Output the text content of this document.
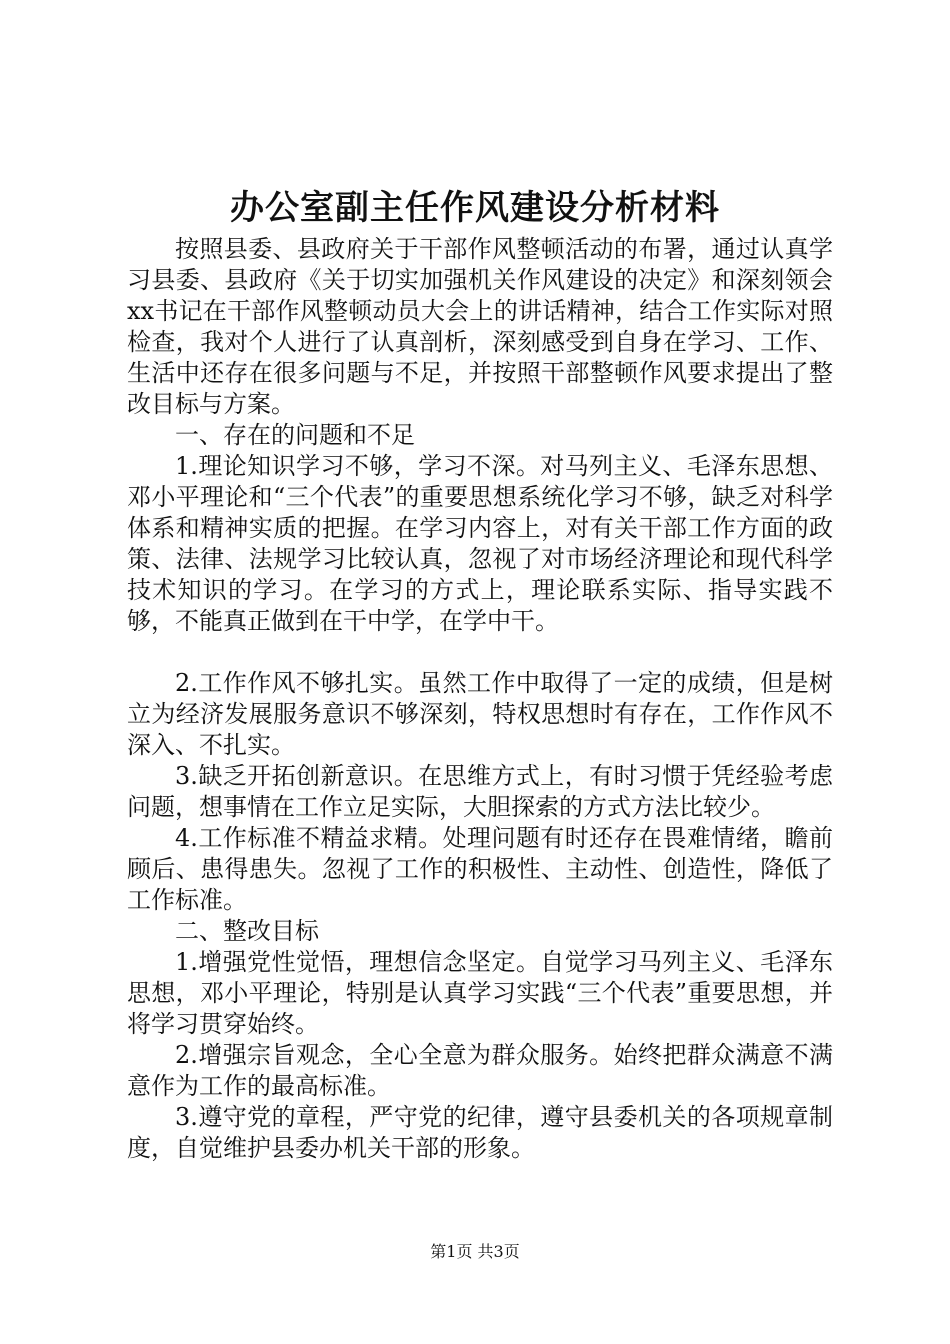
办公室副主任作风建设分析材料

按照县委、县政府关于干部作风整顿活动的布署，通过认真学习县委、县政府《关于切实加强机关作风建设的决定》和深刻领会xx书记在干部作风整顿动员大会上的讲话精神，结合工作实际对照检查，我对个人进行了认真剖析，深刻感受到自身在学习、工作、生活中还存在很多问题与不足，并按照干部整顿作风要求提出了整改目标与方案。

一、存在的问题和不足

1.理论知识学习不够，学习不深。对马列主义、毛泽东思想、邓小平理论和“三个代表”的重要思想系统化学习不够，缺乏对科学体系和精神实质的把握。在学习内容上，对有关干部工作方面的政策、法律、法规学习比较认真，忽视了对市场经济理论和现代科学技术知识的学习。在学习的方式上，理论联系实际、指导实践不够，不能真正做到在干中学，在学中干。

2.工作作风不够扎实。虽然工作中取得了一定的成绩，但是树立为经济发展服务意识不够深刻，特权思想时有存在，工作作风不深入、不扎实。

3.缺乏开拓创新意识。在思维方式上，有时习惯于凭经验考虑问题，想事情在工作立足实际，大胆探索的方式方法比较少。

4.工作标准不精益求精。处理问题有时还存在畏难情绪，瞻前顾后、患得患失。忽视了工作的积极性、主动性、创造性，降低了工作标准。

二、整改目标

1.增强党性觉悟，理想信念坚定。自觉学习马列主义、毛泽东思想，邓小平理论，特别是认真学习实践“三个代表”重要思想，并将学习贯穿始终。

2.增强宗旨观念，全心全意为群众服务。始终把群众满意不满意作为工作的最高标准。

3.遵守党的章程，严守党的纪律，遵守县委机关的各项规章制度，自觉维护县委办机关干部的形象。

第1页 共3页
